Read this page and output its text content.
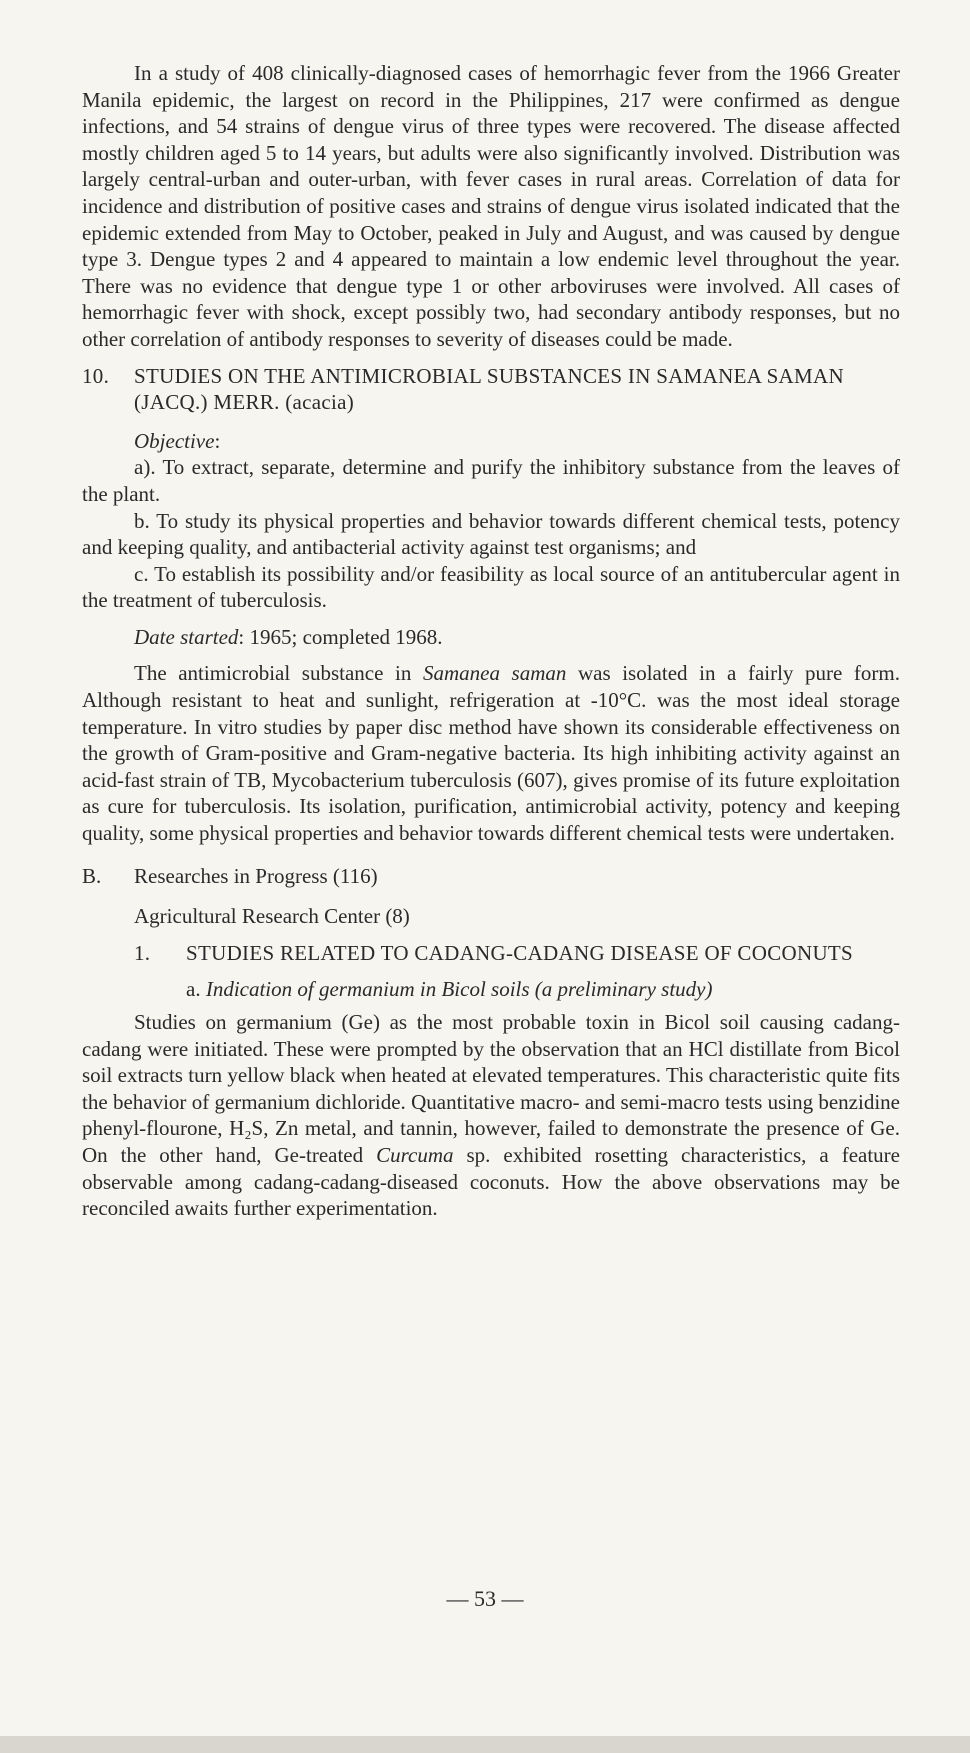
In a study of 408 clinically-diagnosed cases of hemorrhagic fever from the 1966 Greater Manila epidemic, the largest on record in the Philippines, 217 were confirmed as dengue infections, and 54 strains of dengue virus of three types were recovered. The disease affected mostly children aged 5 to 14 years, but adults were also significantly involved. Distribution was largely central-urban and outer-urban, with fever cases in rural areas. Correlation of data for incidence and distribution of positive cases and strains of dengue virus isolated indicated that the epidemic extended from May to October, peaked in July and August, and was caused by dengue type 3. Dengue types 2 and 4 appeared to maintain a low endemic level throughout the year. There was no evidence that dengue type 1 or other arboviruses were involved. All cases of hemorrhagic fever with shock, except possibly two, had secondary antibody responses, but no other correlation of antibody responses to severity of diseases could be made.

10. STUDIES ON THE ANTIMICROBIAL SUBSTANCES IN SAMANEA SAMAN (JACQ.) MERR. (acacia)

Objective:

a). To extract, separate, determine and purify the inhibitory substance from the leaves of the plant.

b. To study its physical properties and behavior towards different chemical tests, potency and keeping quality, and antibacterial activity against test organisms; and

c. To establish its possibility and/or feasibility as local source of an antitubercular agent in the treatment of tuberculosis.

Date started: 1965; completed 1968.

The antimicrobial substance in Samanea saman was isolated in a fairly pure form. Although resistant to heat and sunlight, refrigeration at -10°C. was the most ideal storage temperature. In vitro studies by paper disc method have shown its considerable effectiveness on the growth of Gram-positive and Gram-negative bacteria. Its high inhibiting activity against an acid-fast strain of TB, Mycobacterium tuberculosis (607), gives promise of its future exploitation as cure for tuberculosis. Its isolation, purification, antimicrobial activity, potency and keeping quality, some physical properties and behavior towards different chemical tests were undertaken.

B. Researches in Progress (116)

Agricultural Research Center (8)

1. STUDIES RELATED TO CADANG-CADANG DISEASE OF COCONUTS

a. Indication of germanium in Bicol soils (a preliminary study)

Studies on germanium (Ge) as the most probable toxin in Bicol soil causing cadang-cadang were initiated. These were prompted by the observation that an HCl distillate from Bicol soil extracts turn yellow black when heated at elevated temperatures. This characteristic quite fits the behavior of germanium dichloride. Quantitative macro- and semi-macro tests using benzidine phenyl-flourone, H₂S, Zn metal, and tannin, however, failed to demonstrate the presence of Ge. On the other hand, Ge-treated Curcuma sp. exhibited rosetting characteristics, a feature observable among cadang-cadang-diseased coconuts. How the above observations may be reconciled awaits further experimentation.

— 53 —
